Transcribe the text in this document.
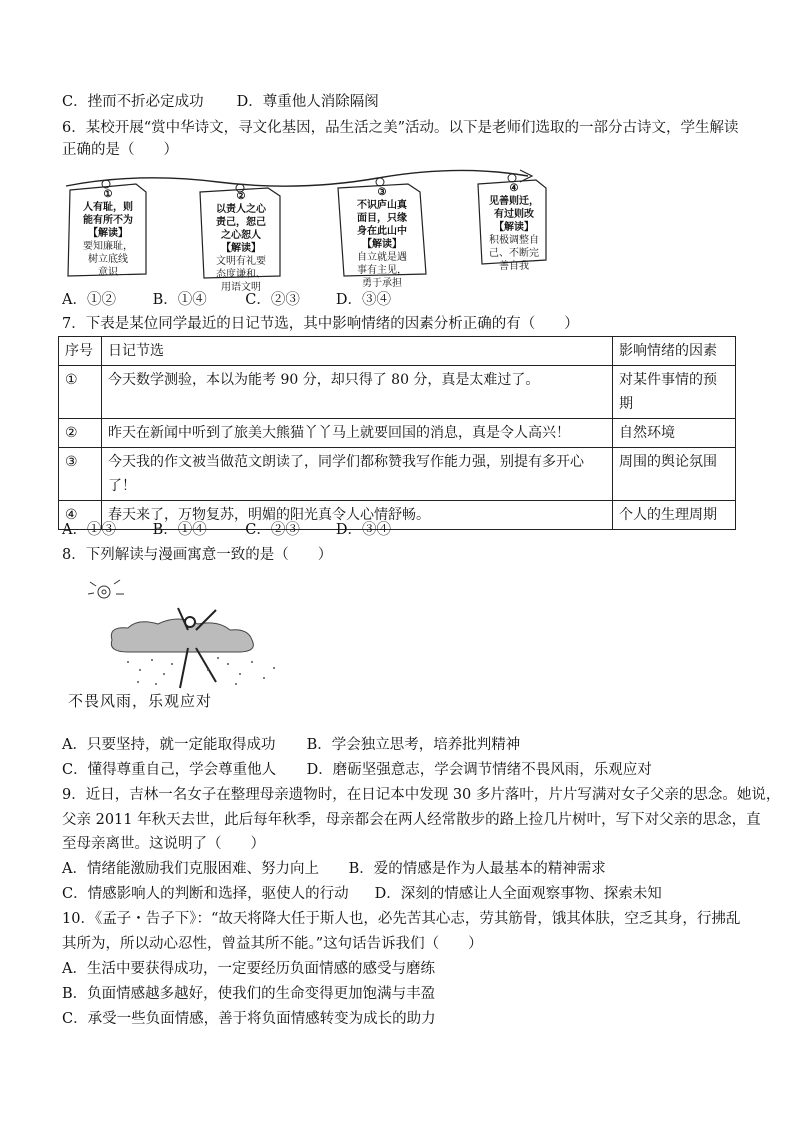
C．挫而不折必定成功 D．尊重他人消除隔阂
6．某校开展“赏中华诗文，寻文化基因，品生活之美”活动。以下是老师们选取的一部分古诗文，学生解读
正确的是（　　）
①
人有耻，则
能有所不为
【解读】
要知廉耻，
树立底线
意识
②
以责人之心
责己，恕己
之心恕人
【解读】
文明有礼要
态度谦和、
用语文明
③
不识庐山真
面目，只缘
身在此山中
【解读】
自立就是遇
事有主见，
勇于承担
④
见善则迁，
有过则改
【解读】
积极调整自
己、不断完
善自我
A．①②	B．①④	C．②③ D．③④
7．下表是某位同学最近的日记节选，其中影响情绪的因素分析正确的有（　　）
序号	日记节选	影响情绪的因素
①	今天数学测验，本以为能考 90 分，却只得了 80 分，真是太难过了。	对某件事情的预期
②	昨天在新闻中听到了旅美大熊猫丫丫马上就要回国的消息，真是令人高兴！	自然环境
③	今天我的作文被当做范文朗读了，同学们都称赞我写作能力强，别提有多开心了！	周围的舆论氛围
④	春天来了，万物复苏，明媚的阳光真令人心情舒畅。	个人的生理周期
A．①③	B．①④	C．②③ D．③④
8．下列解读与漫画寓意一致的是（　　）
不畏风雨，乐观应对
A．只要坚持，就一定能取得成功 B．学会独立思考，培养批判精神
C．懂得尊重自己，学会尊重他人 D．磨砺坚强意志，学会调节情绪不畏风雨，乐观应对
9．近日，吉林一名女子在整理母亲遗物时，在日记本中发现 30 多片落叶，片片写满对女子父亲的思念。她说，
父亲 2011 年秋天去世，此后每年秋季，母亲都会在两人经常散步的路上捡几片树叶，写下对父亲的思念，直
至母亲离世。这说明了（　　）
A．情绪能激励我们克服困难、努力向上 B．爱的情感是作为人最基本的精神需求
C．情感影响人的判断和选择，驱使人的行动 D．深刻的情感让人全面观察事物、探索未知
10．《孟子・告子下》：“故天将降大任于斯人也，必先苦其心志，劳其筋骨，饿其体肤，空乏其身，行拂乱
其所为，所以动心忍性，曾益其所不能。”这句话告诉我们（　　）
A．生活中要获得成功，一定要经历负面情感的感受与磨练
B．负面情感越多越好，使我们的生命变得更加饱满与丰盈
C．承受一些负面情感，善于将负面情感转变为成长的助力
